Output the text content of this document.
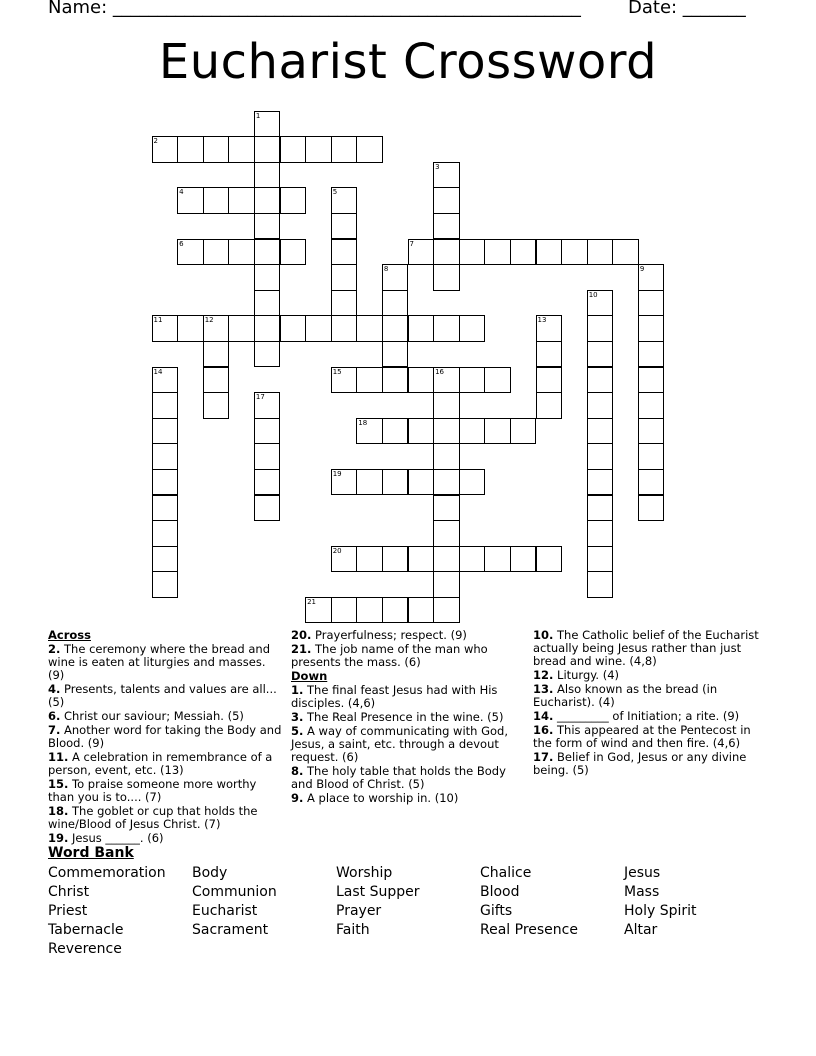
Name: ____________________________________________________	Date: _______
Eucharist Crossword
1
2
3
4	5
6	7
8	9
10
11	12	13
14	15	16
17
18
19
20
21

Across

2. The ceremony where the bread and wine is eaten at liturgies and masses. (9)

4. Presents, talents and values are all... (5)

6. Christ our saviour; Messiah. (5)

7. Another word for taking the Body and Blood. (9)

11. A celebration in remembrance of a person, event, etc. (13)

15. To praise someone more worthy than you is to.... (7)

18. The goblet or cup that holds the wine/Blood of Jesus Christ. (7)

19. Jesus ______. (6)

20. Prayerfulness; respect. (9)

21. The job name of the man who presents the mass. (6)

Down

1. The final feast Jesus had with His disciples. (4,6)

3. The Real Presence in the wine. (5)

5. A way of communicating with God, Jesus, a saint, etc. through a devout request. (6)

8. The holy table that holds the Body and Blood of Christ. (5)

9. A place to worship in. (10)

10. The Catholic belief of the Eucharist actually being Jesus rather than just bread and wine. (4,8)

12. Liturgy. (4)

13. Also known as the bread (in Eucharist). (4)

14. _________ of Initiation; a rite. (9)

16. This appeared at the Pentecost in the form of wind and then fire. (4,6)

17. Belief in God, Jesus or any divine being. (5)

Word Bank
Commemoration
Christ
Priest
Tabernacle
Reverence
Body
Communion
Eucharist
Sacrament
Worship
Last Supper
Prayer
Faith
Chalice
Blood
Gifts
Real Presence
Jesus
Mass
Holy Spirit
Altar
